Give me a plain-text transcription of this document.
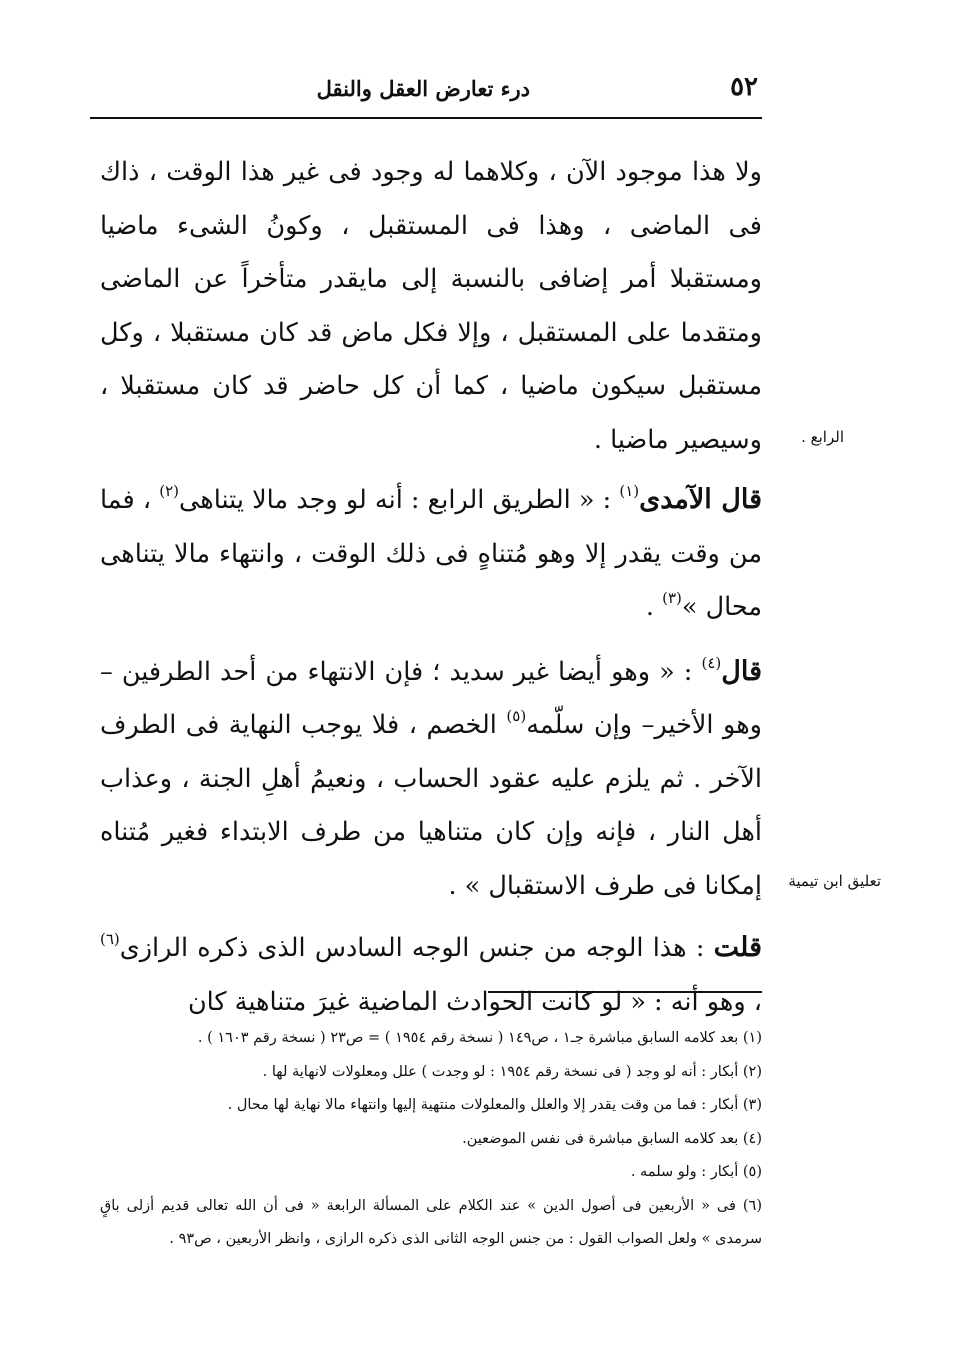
٥٢
درء تعارض العقل والنقل
الرابع .
تعليق ابن تيمية

ولا هذا موجود الآن ، وكلاهما له وجود فى غير هذا الوقت ، ذاك فى الماضى ، وهذا فى المستقبل ، وكونُ الشىء ماضيا ومستقبلا أمر إضافى بالنسبة إلى مايقدر متأخراً عن الماضى ومتقدما على المستقبل ، وإلا فكل ماض قد كان مستقبلا ، وكل مستقبل سيكون ماضيا ، كما أن كل حاضر قد كان مستقبلا ، وسيصير ماضيا .

قال الآمدى$^{(١)}$ : « الطريق الرابع : أنه لو وجد مالا يتناهى$^{(٢)}$ ، فما من وقت يقدر إلا وهو مُتناهٍ فى ذلك الوقت ، وانتهاء مالا يتناهى محال »$^{(٣)}$ .

قال$^{(٤)}$ : « وهو أيضا غير سديد ؛ فإن الانتهاء من أحد الطرفين – وهو الأخير– وإن سلّمه$^{(٥)}$ الخصم ، فلا يوجب النهاية فى الطرف الآخر . ثم يلزم عليه عقود الحساب ، ونعيمُ أهلِ الجنة ، وعذاب أهل النار ، فإنه وإن كان متناهيا من طرف الابتداء فغير مُتناه إمكانا فى طرف الاستقبال » .

قلت : هذا الوجه من جنس الوجه السادس الذى ذكره الرازى$^{(٦)}$ ، وهو أنه : « لو كانت الحوادث الماضية غيرَ متناهية كان

(١) بعد كلامه السابق مباشرة جـ١ ، ص١٤٩ ( نسخة رقم ١٩٥٤ ) = ص٢٣ ( نسخة رقم ١٦٠٣ ) .

(٢) أبكار : أنه لو وجد ( فى نسخة رقم ١٩٥٤ : لو وجدت ) علل ومعلولات لانهاية لها .

(٣) أبكار : فما من وقت يقدر إلا والعلل والمعلولات منتهية إليها وانتهاء مالا نهاية لها محال .

(٤) بعد كلامه السابق مباشرة فى نفس الموضعين.

(٥) أبكار : ولو سلمه .

(٦) فى « الأربعين فى أصول الدين » عند الكلام على المسألة الرابعة « فى أن الله تعالى قديم أزلى باقٍ سرمدى » ولعل الصواب القول : من جنس الوجه الثانى الذى ذكره الرازى ، وانظر الأربعين ، ص٩٣ .
